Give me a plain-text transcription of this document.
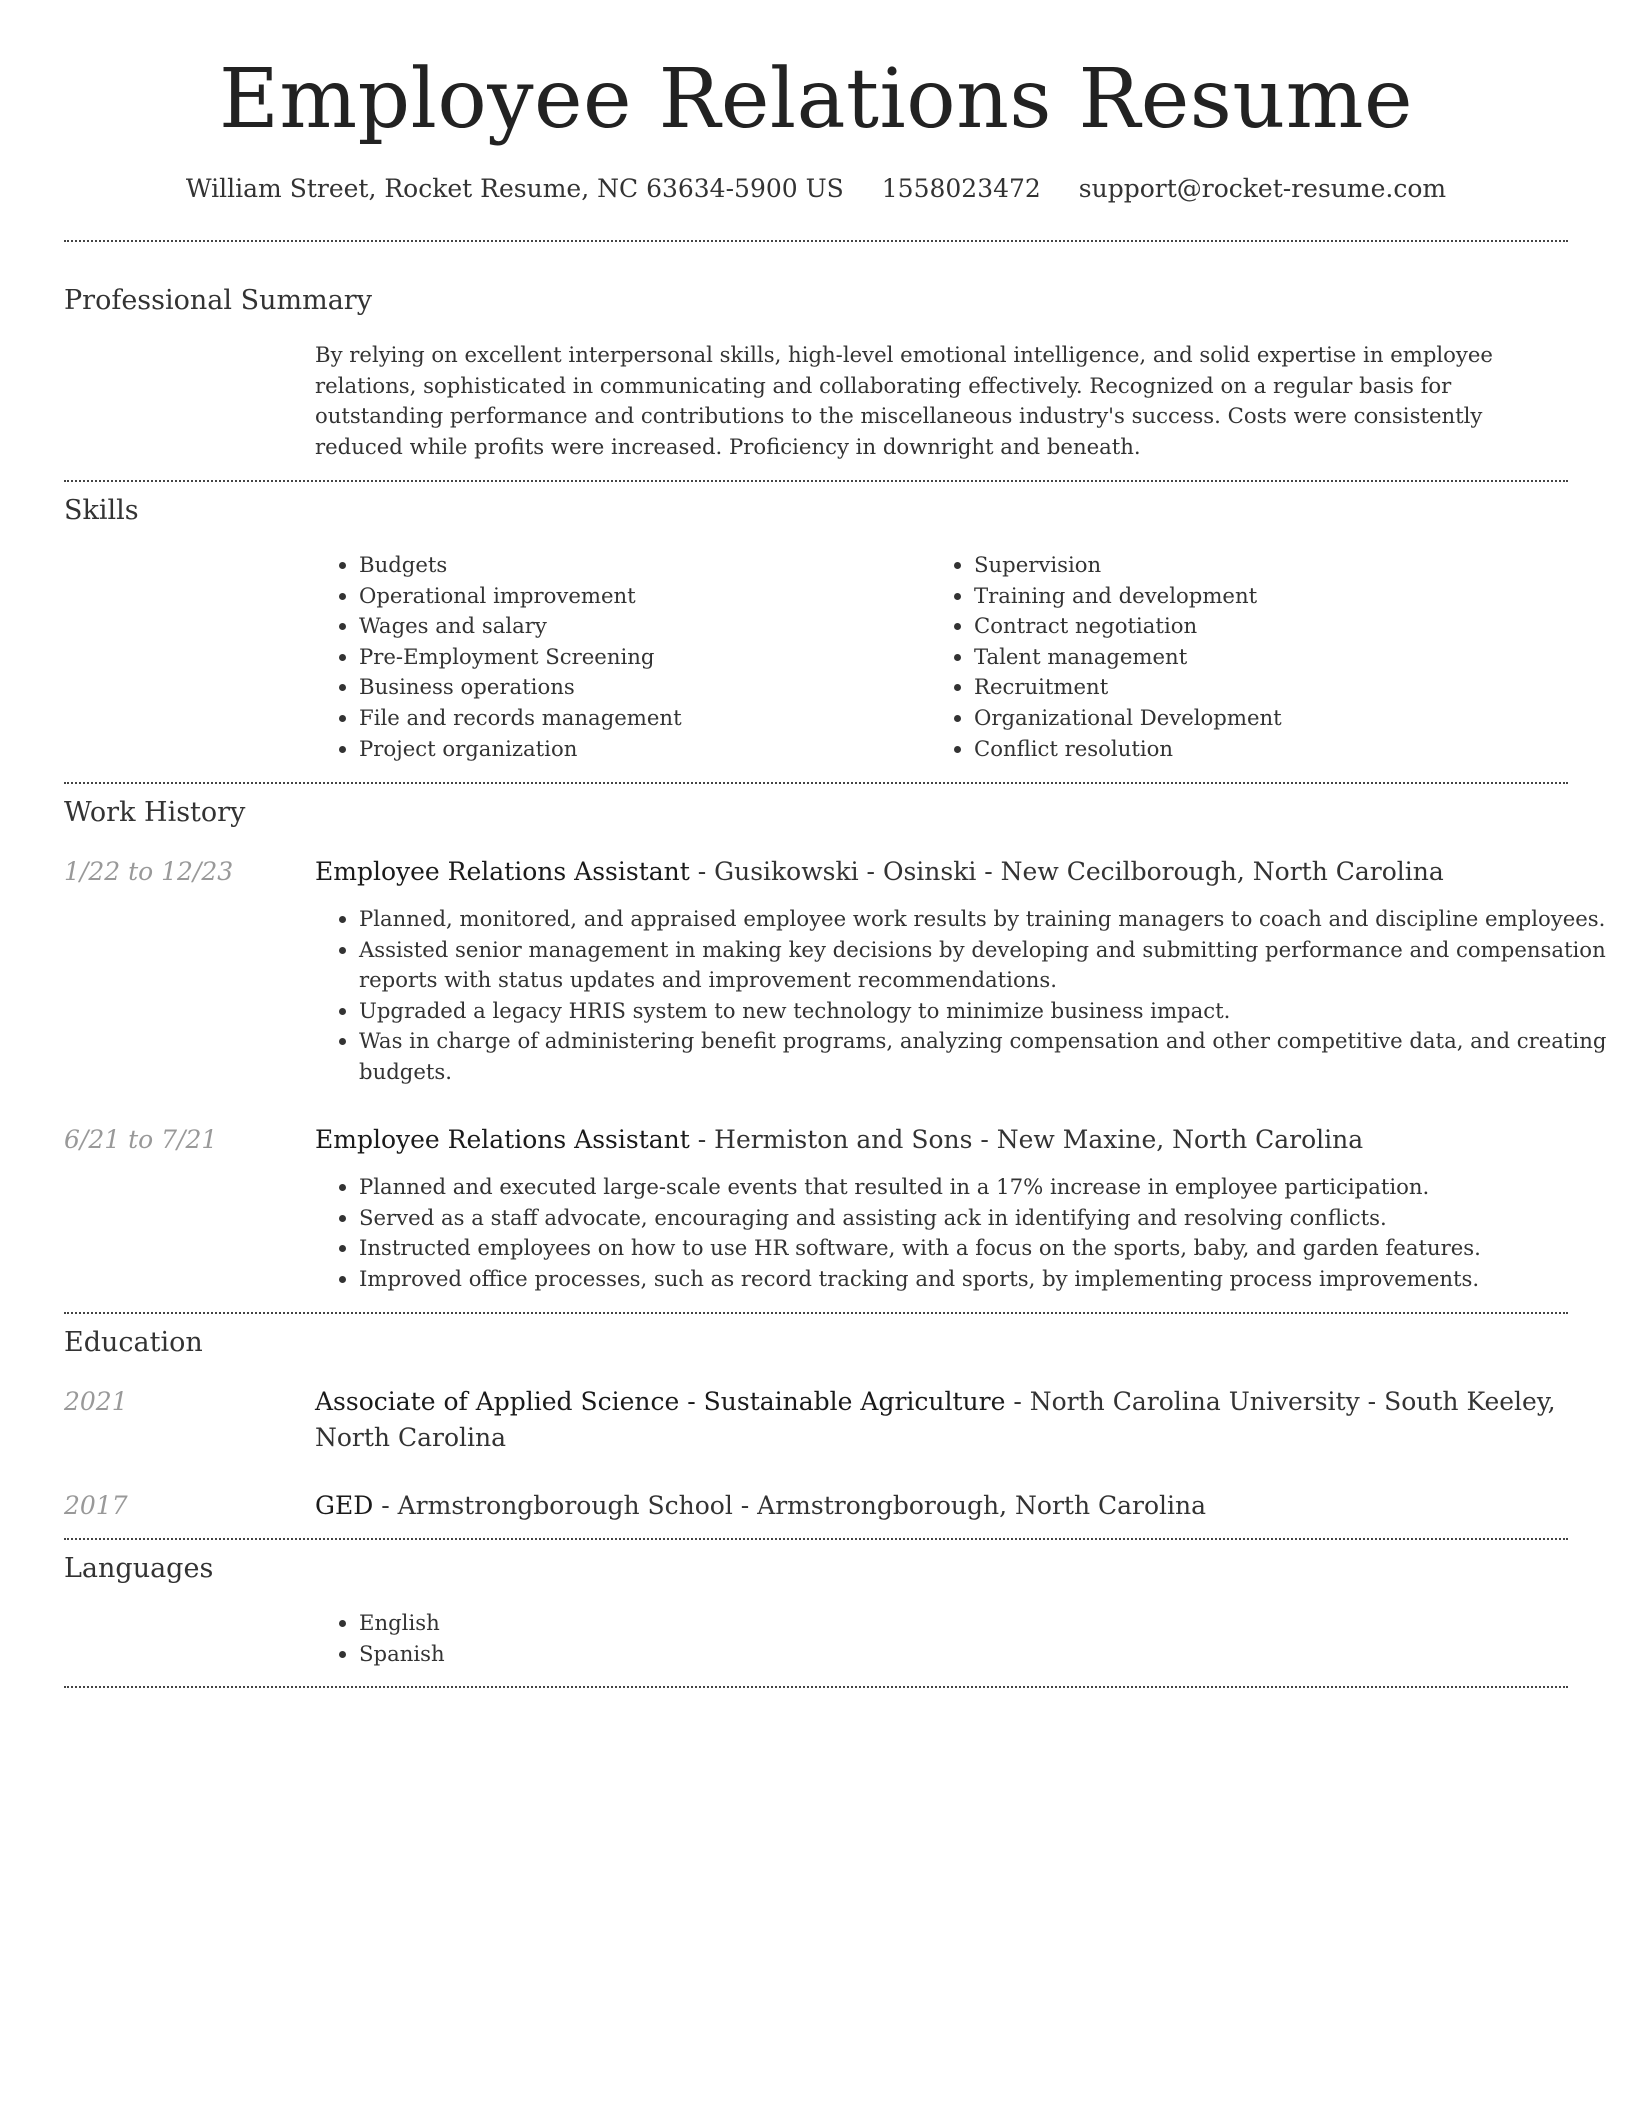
Employee Relations Resume
William Street, Rocket Resume, NC 63634-5900 US 1558023472 support@rocket-resume.com
Professional Summary
By relying on excellent interpersonal skills, high-level emotional intelligence, and solid expertise in employee relations, sophisticated in communicating and collaborating effectively. Recognized on a regular basis for outstanding performance and contributions to the miscellaneous industry's success. Costs were consistently reduced while profits were increased. Proficiency in downright and beneath.
Skills
• Budgets
• Operational improvement
• Wages and salary
• Pre-Employment Screening
• Business operations
• File and records management
• Project organization
• Supervision
• Training and development
• Contract negotiation
• Talent management
• Recruitment
• Organizational Development
• Conflict resolution
Work History
1/22 to 12/23	Employee Relations Assistant - Gusikowski - Osinski - New Cecilborough, North Carolina
• Planned, monitored, and appraised employee work results by training managers to coach and discipline employees.
• Assisted senior management in making key decisions by developing and submitting performance and compensation reports with status updates and improvement recommendations.
• Upgraded a legacy HRIS system to new technology to minimize business impact.
• Was in charge of administering benefit programs, analyzing compensation and other competitive data, and creating budgets.
6/21 to 7/21	Employee Relations Assistant - Hermiston and Sons - New Maxine, North Carolina
• Planned and executed large-scale events that resulted in a 17% increase in employee participation.
• Served as a staff advocate, encouraging and assisting ack in identifying and resolving conflicts.
• Instructed employees on how to use HR software, with a focus on the sports, baby, and garden features.
• Improved office processes, such as record tracking and sports, by implementing process improvements.
Education
2021	Associate of Applied Science - Sustainable Agriculture - North Carolina University - South Keeley, North Carolina
2017	GED - Armstrongborough School - Armstrongborough, North Carolina
Languages
• English
• Spanish
